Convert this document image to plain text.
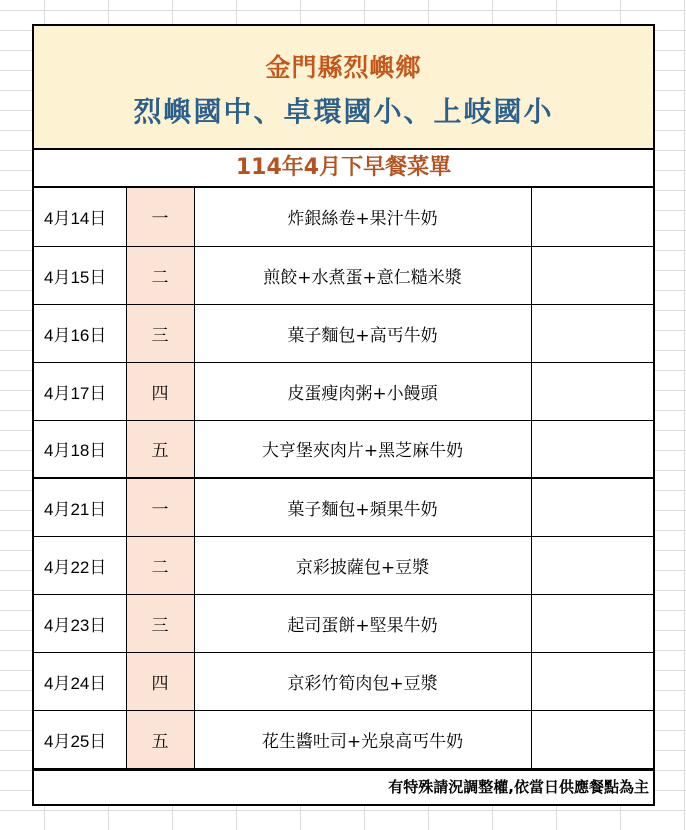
金門縣烈嶼鄉
烈嶼國中、卓環國小、上岐國小
114年4月下早餐菜單
4月14日	一	炸銀絲卷+果汁牛奶	
4月15日	二	煎餃+水煮蛋+意仁糙米漿	
4月16日	三	菓子麵包+高丐牛奶	
4月17日	四	皮蛋瘦肉粥+小饅頭	
4月18日	五	大亨堡夾肉片+黑芝麻牛奶	
4月21日	一	菓子麵包+頻果牛奶	
4月22日	二	京彩披薩包+豆漿	
4月23日	三	起司蛋餅+堅果牛奶	
4月24日	四	京彩竹筍肉包+豆漿	
4月25日	五	花生醬吐司+光泉高丐牛奶	
有特殊請況調整權,依當日供應餐點為主
